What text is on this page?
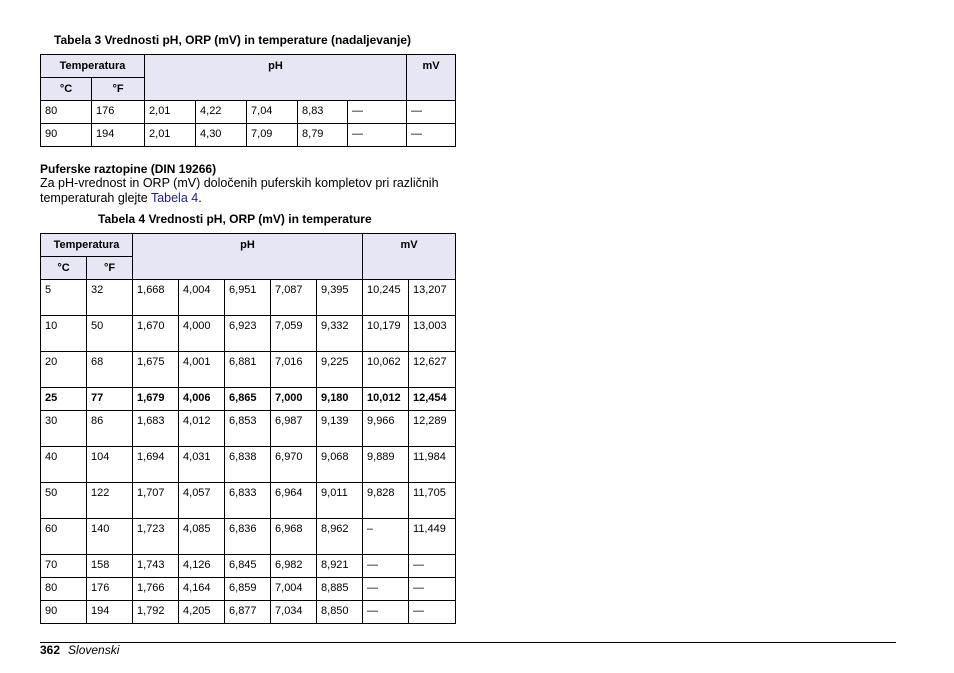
Tabela 3 Vrednosti pH, ORP (mV) in temperature (nadaljevanje)
Temperatura		pH					mV
°C	°F						
80	176	2,01	4,22	7,04	8,83	—	—
90	194	2,01	4,30	7,09	8,79	—	—
Puferske raztopine (DIN 19266)
Za pH-vrednost in ORP (mV) določenih puferskih kompletov pri različnih temperaturah glejte Tabela 4.
Tabela 4 Vrednosti pH, ORP (mV) in temperature
Temperatura		pH					mV	
°C	°F							
5	32	1,668	4,004	6,951	7,087	9,395	10,245	13,207
10	50	1,670	4,000	6,923	7,059	9,332	10,179	13,003
20	68	1,675	4,001	6,881	7,016	9,225	10,062	12,627
25	77	1,679	4,006	6,865	7,000	9,180	10,012	12,454
30	86	1,683	4,012	6,853	6,987	9,139	9,966	12,289
40	104	1,694	4,031	6,838	6,970	9,068	9,889	11,984
50	122	1,707	4,057	6,833	6,964	9,011	9,828	11,705
60	140	1,723	4,085	6,836	6,968	8,962	–	11,449
70	158	1,743	4,126	6,845	6,982	8,921	—	—
80	176	1,766	4,164	6,859	7,004	8,885	—	—
90	194	1,792	4,205	6,877	7,034	8,850	—	—
362 Slovenski
